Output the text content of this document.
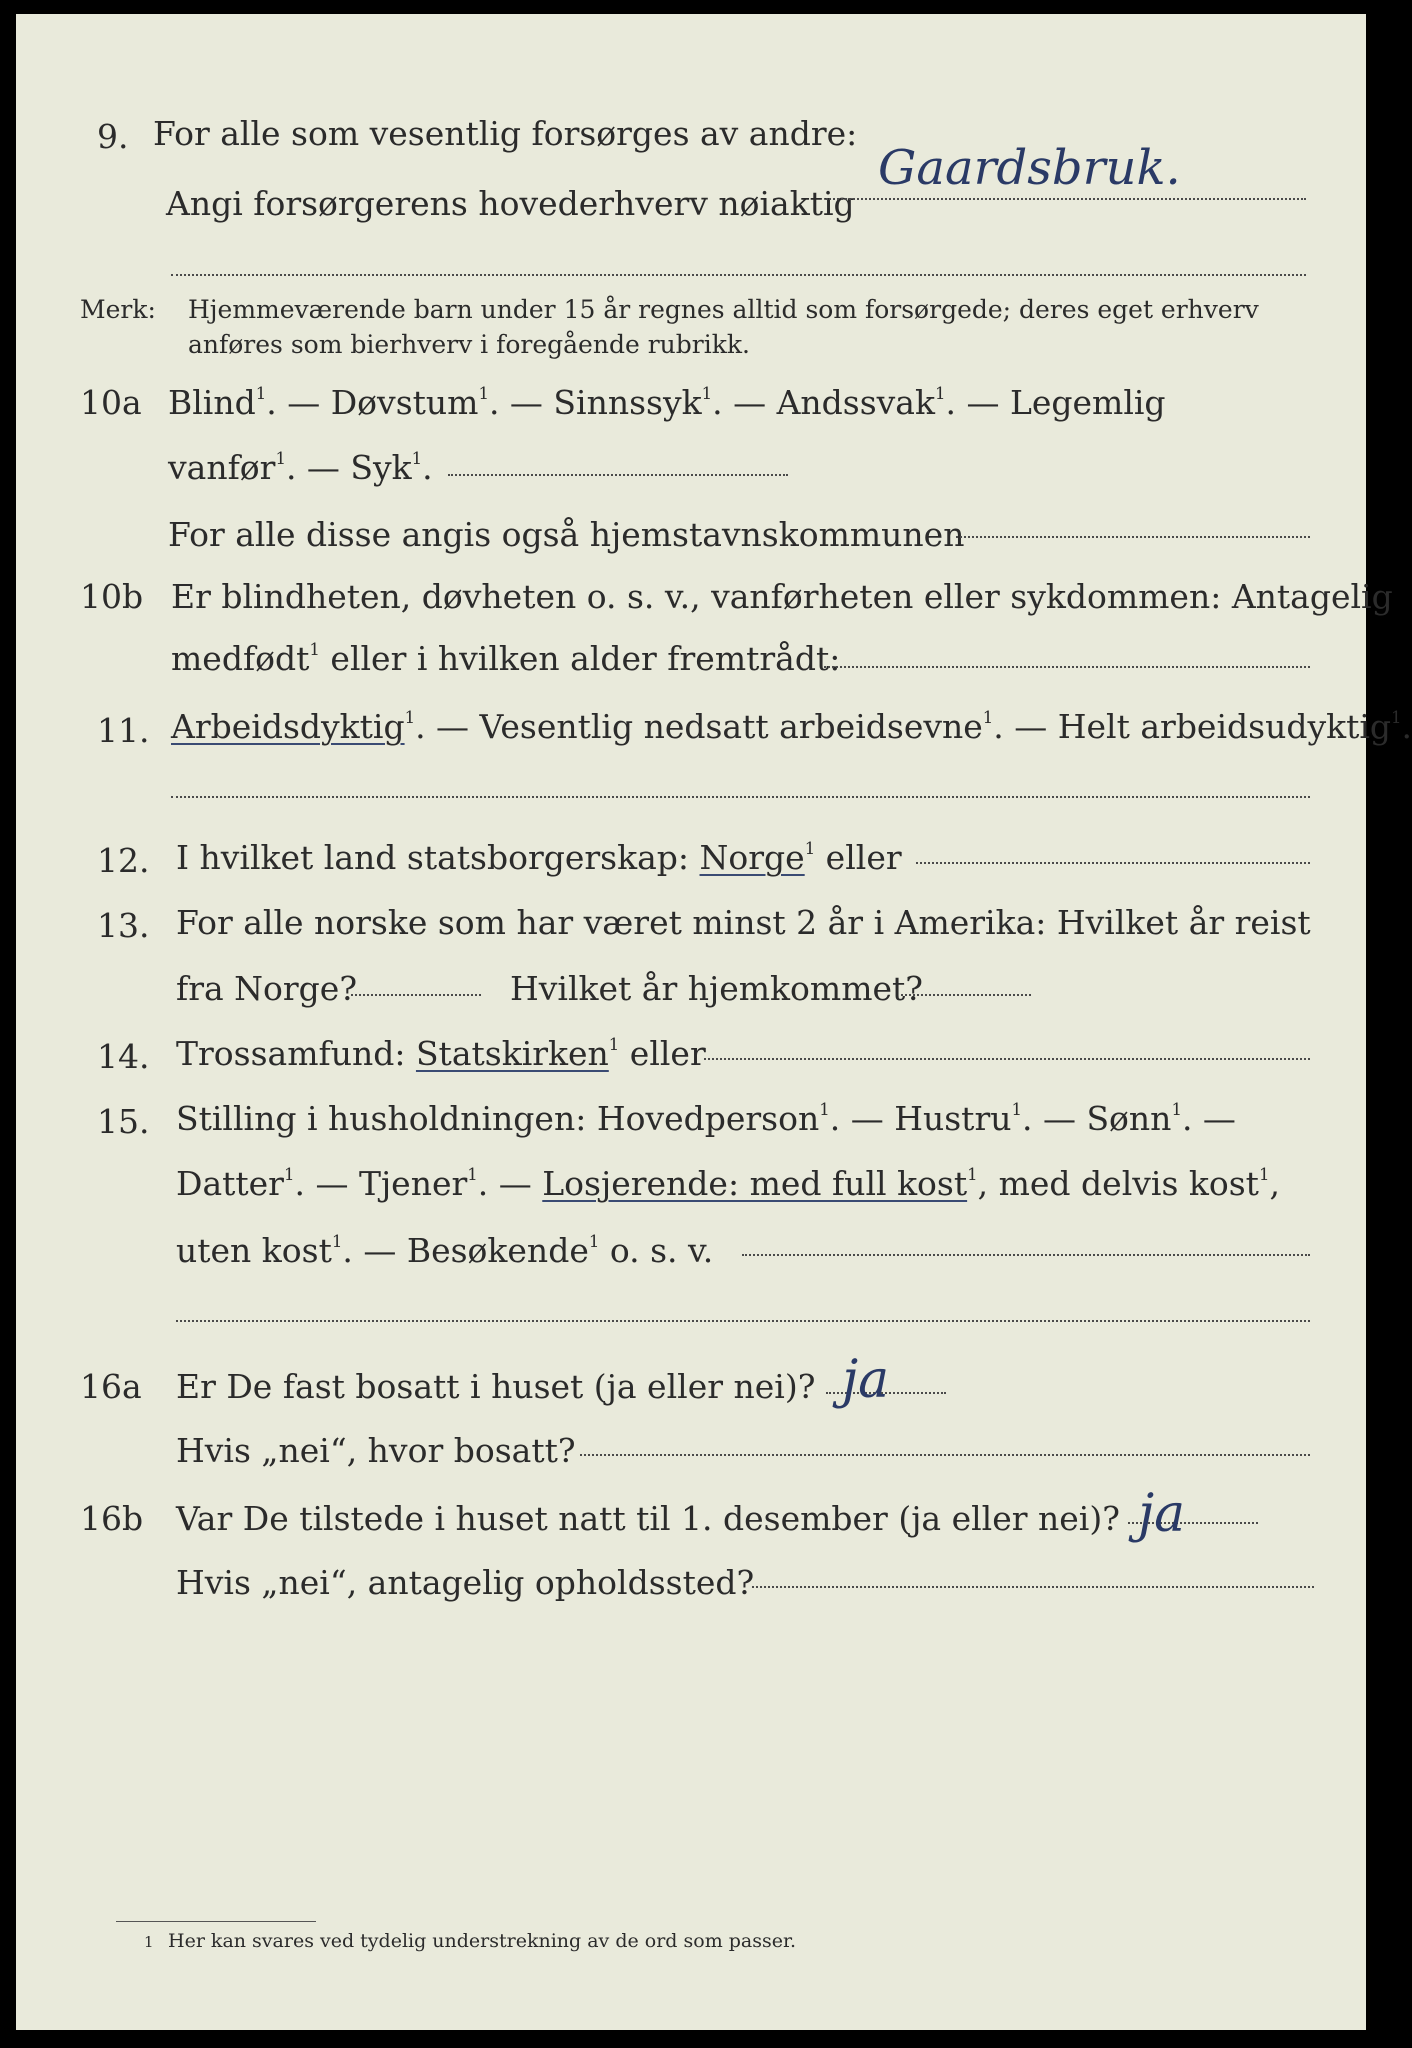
9. For alle som vesentlig forsørges av andre:
Angi forsørgerens hovederhverv nøiaktig
Gaardsbruk.
Merk: Hjemmeværende barn under 15 år regnes alltid som forsørgede; deres eget erhverv
anføres som bierhverv i foregående rubrikk.
10a Blind$^1$. — Døvstum$^1$. — Sinnssyk$^1$. — Andssvak$^1$. — Legemlig
vanfør$^1$. — Syk$^1$.
For alle disse angis også hjemstavnskommunen
10b Er blindheten, døvheten o. s. v., vanførheten eller sykdommen: Antagelig
medfødt$^1$ eller i hvilken alder fremtrådt:
11. Arbeidsdyktig$^1$. — Vesentlig nedsatt arbeidsevne$^1$. — Helt arbeidsudyktig$^1$.
12. I hvilket land statsborgerskap: Norge$^1$ eller
13. For alle norske som har været minst 2 år i Amerika: Hvilket år reist
fra Norge?	Hvilket år hjemkommet?
14. Trossamfund: Statskirken$^1$ eller
15. Stilling i husholdningen: Hovedperson$^1$. — Hustru$^1$. — Sønn$^1$. —
Datter$^1$. — Tjener$^1$. — Losjerende: med full kost$^1$, med delvis kost$^1$,
uten kost$^1$. — Besøkende$^1$ o. s. v.
16a Er De fast bosatt i huset (ja eller nei)? ja
Hvis „nei“, hvor bosatt?
16b Var De tilstede i huset natt til 1. desember (ja eller nei)? ja
Hvis „nei“, antagelig opholdssted?
1 Her kan svares ved tydelig understrekning av de ord som passer.
